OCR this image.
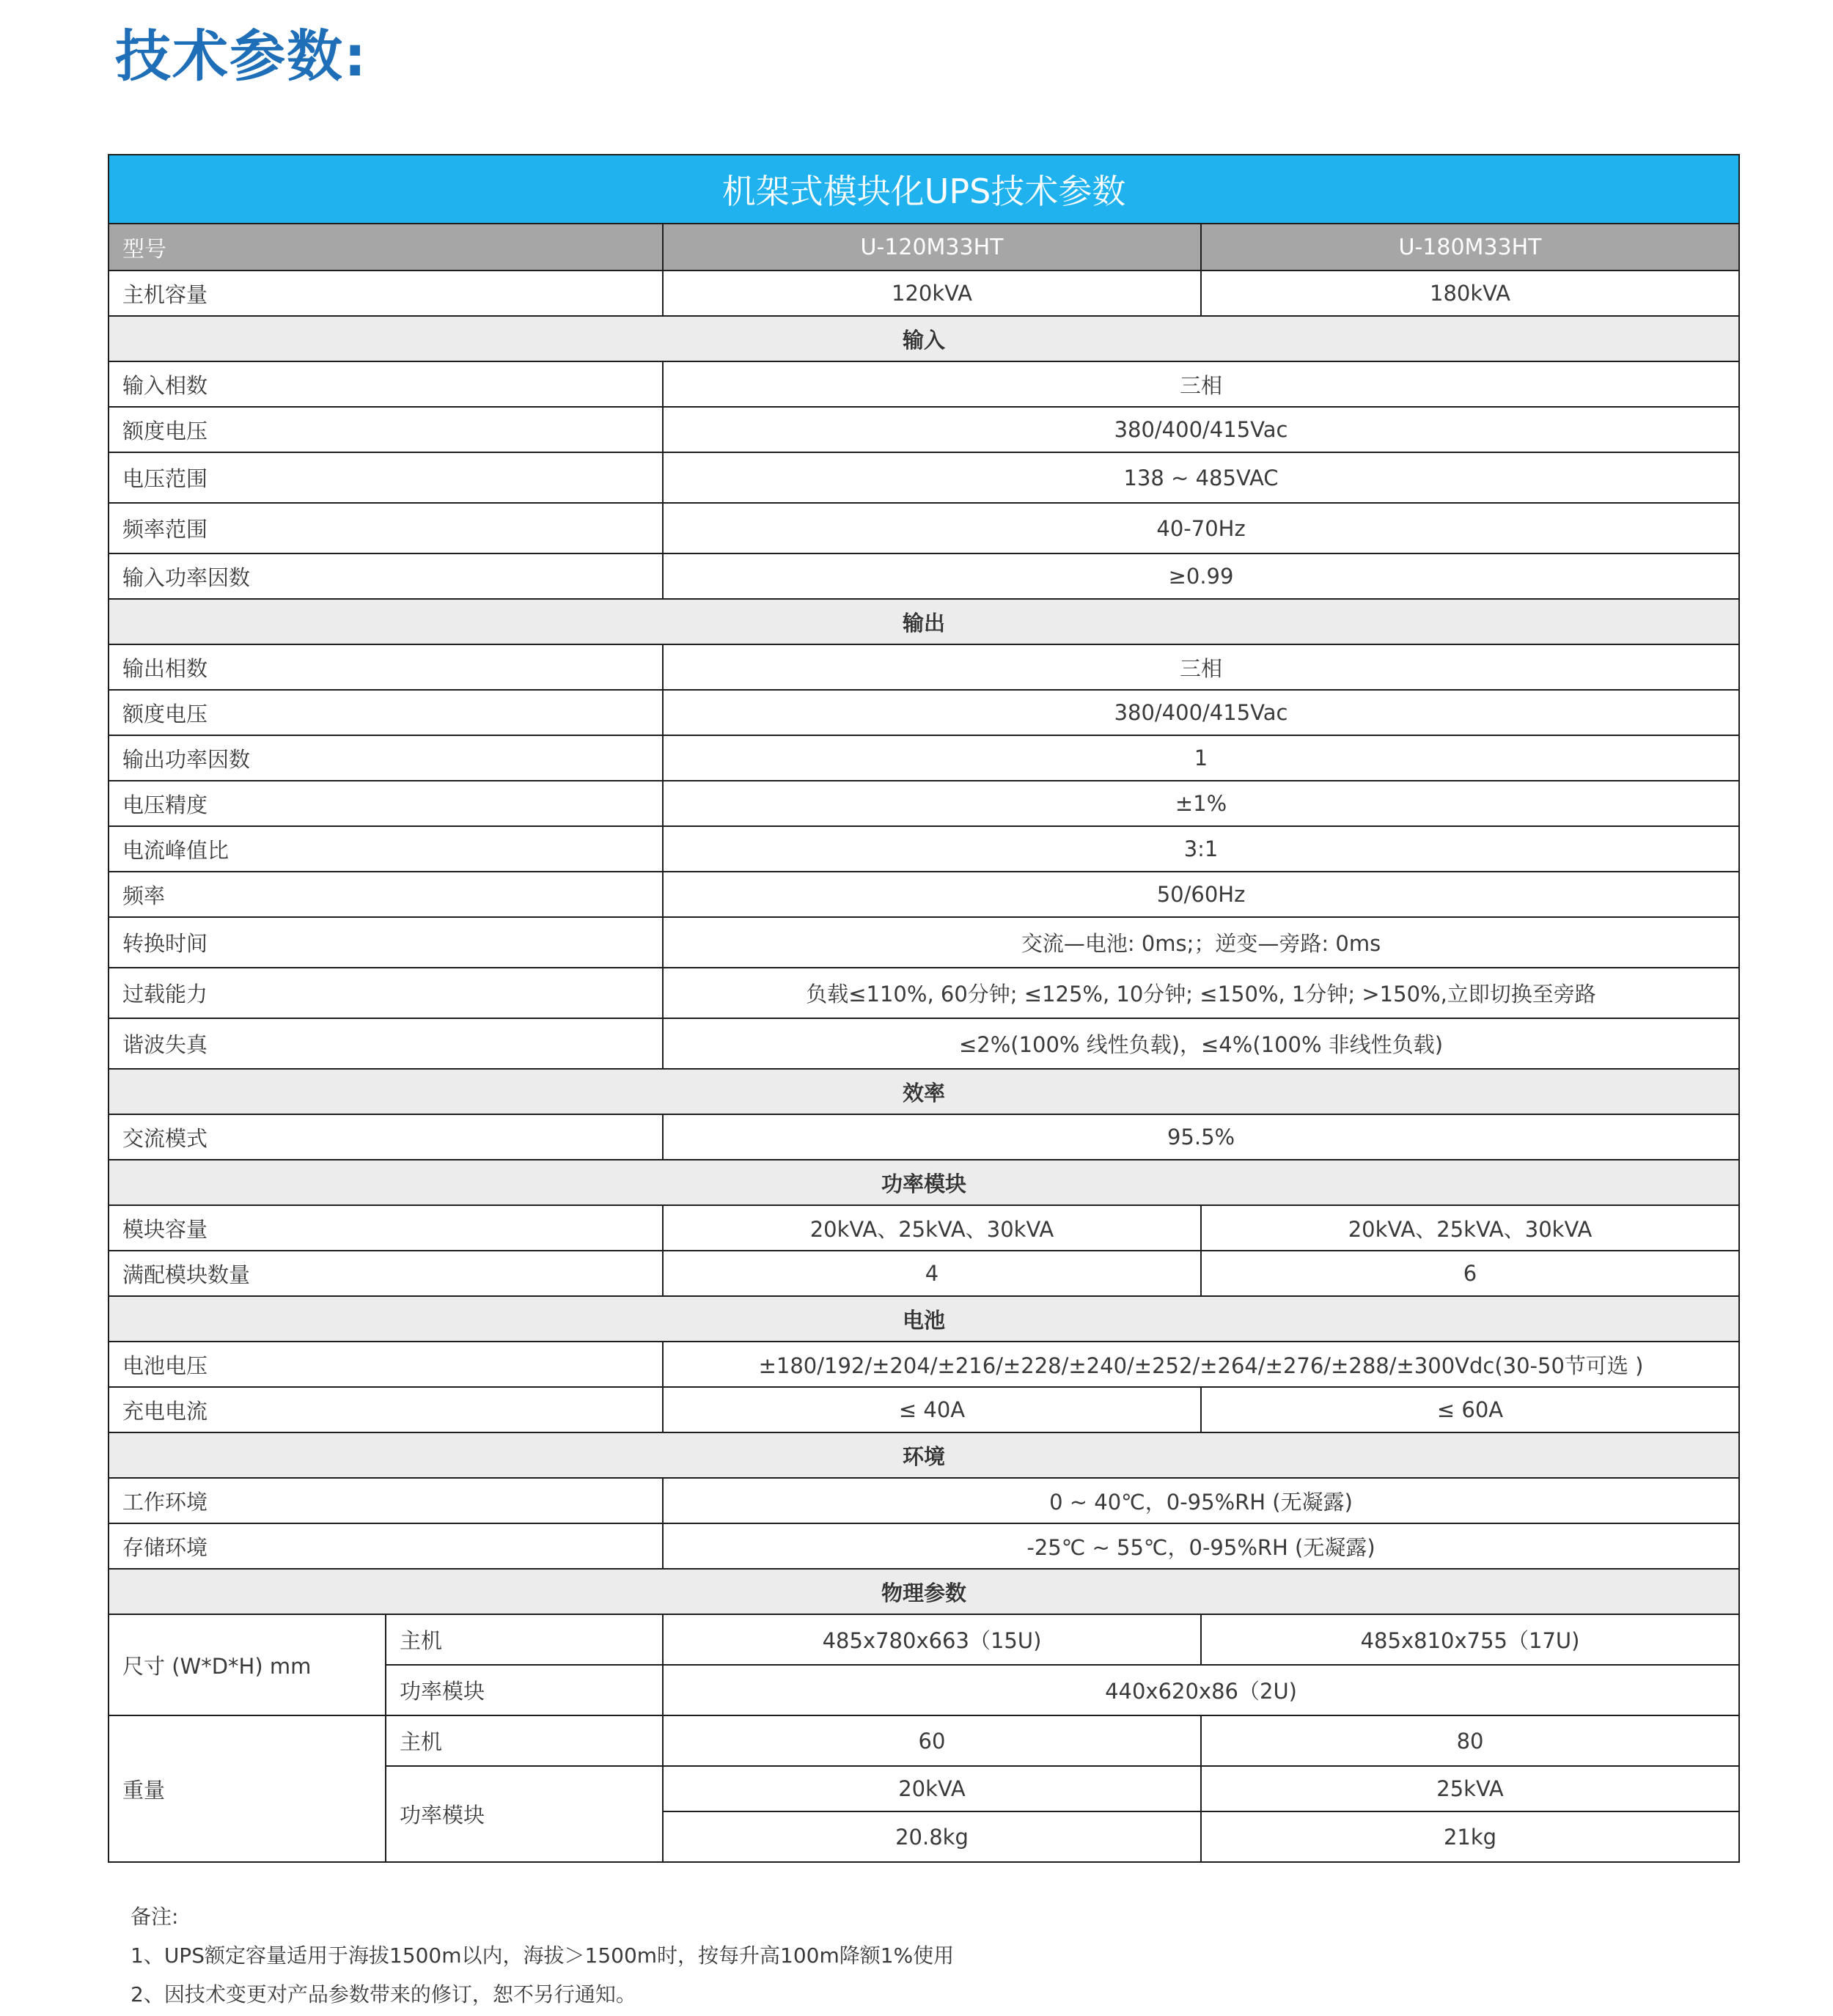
技术参数:
机架式模块化UPS技术参数				
型号		U-120M33HT	U-180M33HT	
主机容量		120kVA	180kVA	
输入				
输入相数		三相		
额度电压		380/400/415Vac		
电压范围		138 ~ 485VAC		
频率范围		40-70Hz		
输入功率因数		≥0.99		
输出				
输出相数		三相		
额度电压		380/400/415Vac		
输出功率因数		1		
电压精度		±1%		
电流峰值比		3:1		
频率		50/60Hz		
转换时间		交流—电池: 0ms;；逆变—旁路: 0ms		
过载能力		负载≤110%, 60分钟; ≤125%, 10分钟; ≤150%, 1分钟; >150%,立即切换至旁路		
谐波失真		≤2%(100% 线性负载)，≤4%(100% 非线性负载)		
效率				
交流模式		95.5%		
功率模块				
模块容量		20kVA、25kVA、30kVA	20kVA、25kVA、30kVA	
满配模块数量		4	6	
电池				
电池电压		±180/192/±204/±216/±228/±240/±252/±264/±276/±288/±300Vdc(30-50节可选 )		
充电电流		≤ 40A	≤ 60A	
环境				
工作环境		0 ~ 40℃，0-95%RH (无凝露)		
存储环境		-25℃ ~ 55℃，0-95%RH (无凝露)		
物理参数				
尺寸 (W*D*H) mm	主机	485x780x663（15U)	485x810x755（17U)	
	功率模块	440x620x86（2U)		
重量	主机	60	80	
	功率模块	20kVA	25kVA	
		20.8kg	21kg	
备注:
1、UPS额定容量适用于海拔1500m以内，海拔＞1500m时，按每升高100m降额1%使用
2、因技术变更对产品参数带来的修订，恕不另行通知。
